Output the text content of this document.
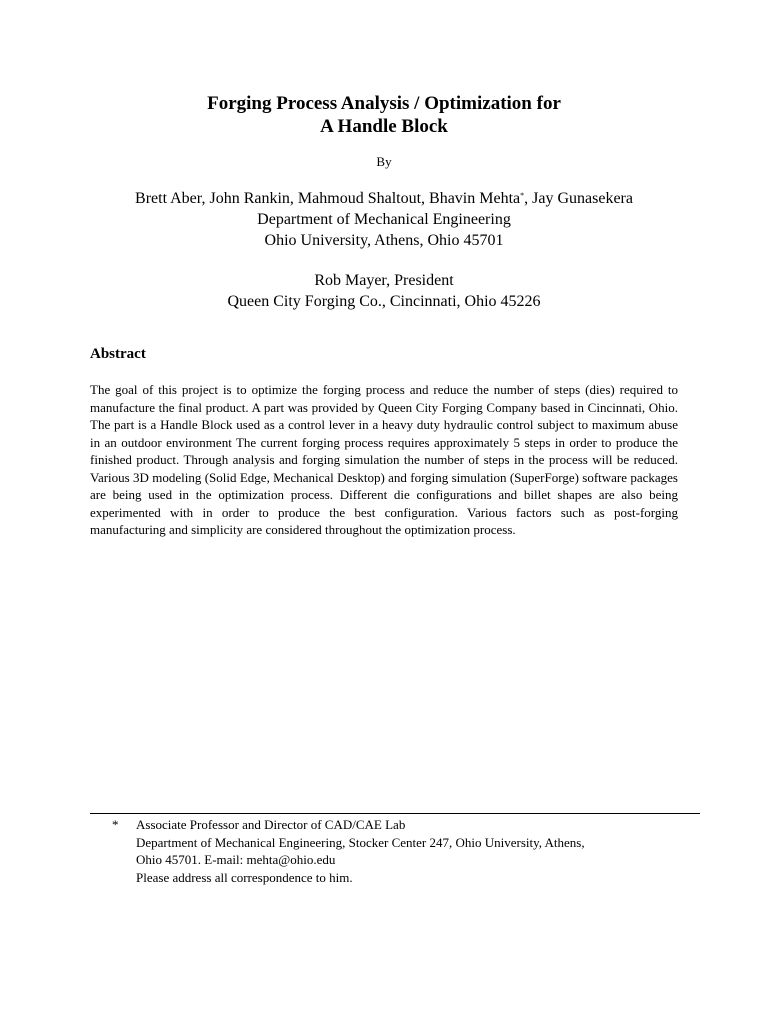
Forging Process Analysis / Optimization for
A Handle Block
By
Brett Aber, John Rankin, Mahmoud Shaltout, Bhavin Mehta*, Jay Gunasekera
Department of Mechanical Engineering
Ohio University, Athens, Ohio 45701
Rob Mayer, President
Queen City Forging Co., Cincinnati, Ohio 45226
Abstract
The goal of this project is to optimize the forging process and reduce the number of steps (dies) required to manufacture the final product. A part was provided by Queen City Forging Company based in Cincinnati, Ohio. The part is a Handle Block used as a control lever in a heavy duty hydraulic control subject to maximum abuse in an outdoor environment The current forging process requires approximately 5 steps in order to produce the finished product. Through analysis and forging simulation the number of steps in the process will be reduced. Various 3D modeling (Solid Edge, Mechanical Desktop) and forging simulation (SuperForge) software packages are being used in the optimization process. Different die configurations and billet shapes are also being experimented with in order to produce the best configuration. Various factors such as post-forging manufacturing and simplicity are considered throughout the optimization process.
* Associate Professor and Director of CAD/CAE Lab
Department of Mechanical Engineering, Stocker Center 247, Ohio University, Athens,
Ohio 45701. E-mail: mehta@ohio.edu
Please address all correspondence to him.
